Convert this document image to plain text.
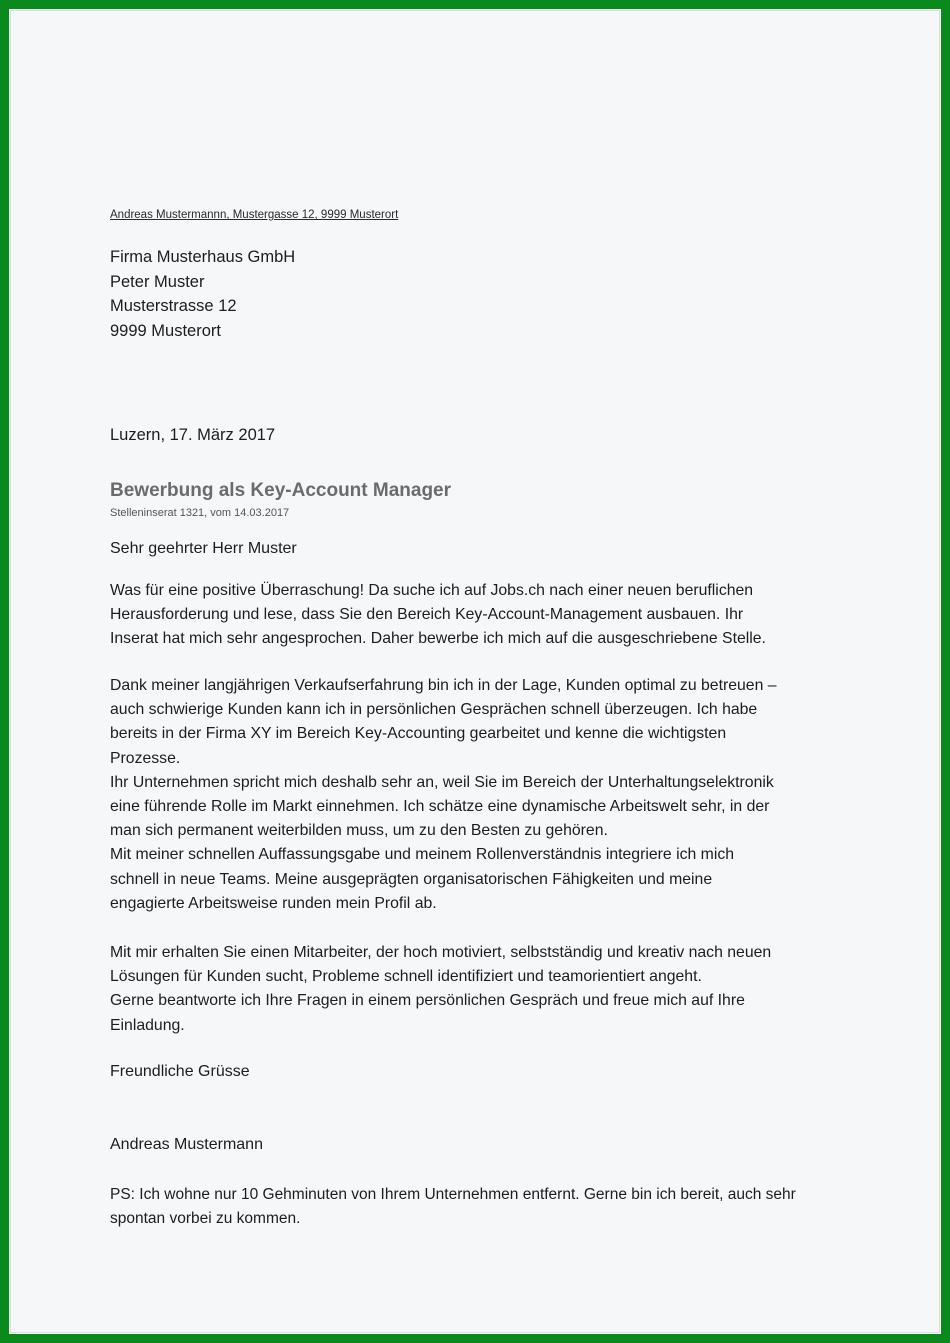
Andreas Mustermannn, Mustergasse 12, 9999 Musterort
Firma Musterhaus GmbH
Peter Muster
Musterstrasse 12
9999 Musterort
Luzern, 17. März 2017
Bewerbung als Key-Account Manager
Stelleninserat 1321, vom 14.03.2017
Sehr geehrter Herr Muster
Was für eine positive Überraschung! Da suche ich auf Jobs.ch nach einer neuen beruflichen
Herausforderung und lese, dass Sie den Bereich Key-Account-Management ausbauen. Ihr
Inserat hat mich sehr angesprochen. Daher bewerbe ich mich auf die ausgeschriebene Stelle.
Dank meiner langjährigen Verkaufserfahrung bin ich in der Lage, Kunden optimal zu betreuen –
auch schwierige Kunden kann ich in persönlichen Gesprächen schnell überzeugen. Ich habe
bereits in der Firma XY im Bereich Key-Accounting gearbeitet und kenne die wichtigsten
Prozesse.
Ihr Unternehmen spricht mich deshalb sehr an, weil Sie im Bereich der Unterhaltungselektronik
eine führende Rolle im Markt einnehmen. Ich schätze eine dynamische Arbeitswelt sehr, in der
man sich permanent weiterbilden muss, um zu den Besten zu gehören.
Mit meiner schnellen Auffassungsgabe und meinem Rollenverständnis integriere ich mich
schnell in neue Teams. Meine ausgeprägten organisatorischen Fähigkeiten und meine
engagierte Arbeitsweise runden mein Profil ab.
Mit mir erhalten Sie einen Mitarbeiter, der hoch motiviert, selbstständig und kreativ nach neuen
Lösungen für Kunden sucht, Probleme schnell identifiziert und teamorientiert angeht.
Gerne beantworte ich Ihre Fragen in einem persönlichen Gespräch und freue mich auf Ihre
Einladung.
Freundliche Grüsse
Andreas Mustermann
PS: Ich wohne nur 10 Gehminuten von Ihrem Unternehmen entfernt. Gerne bin ich bereit, auch sehr
spontan vorbei zu kommen.
